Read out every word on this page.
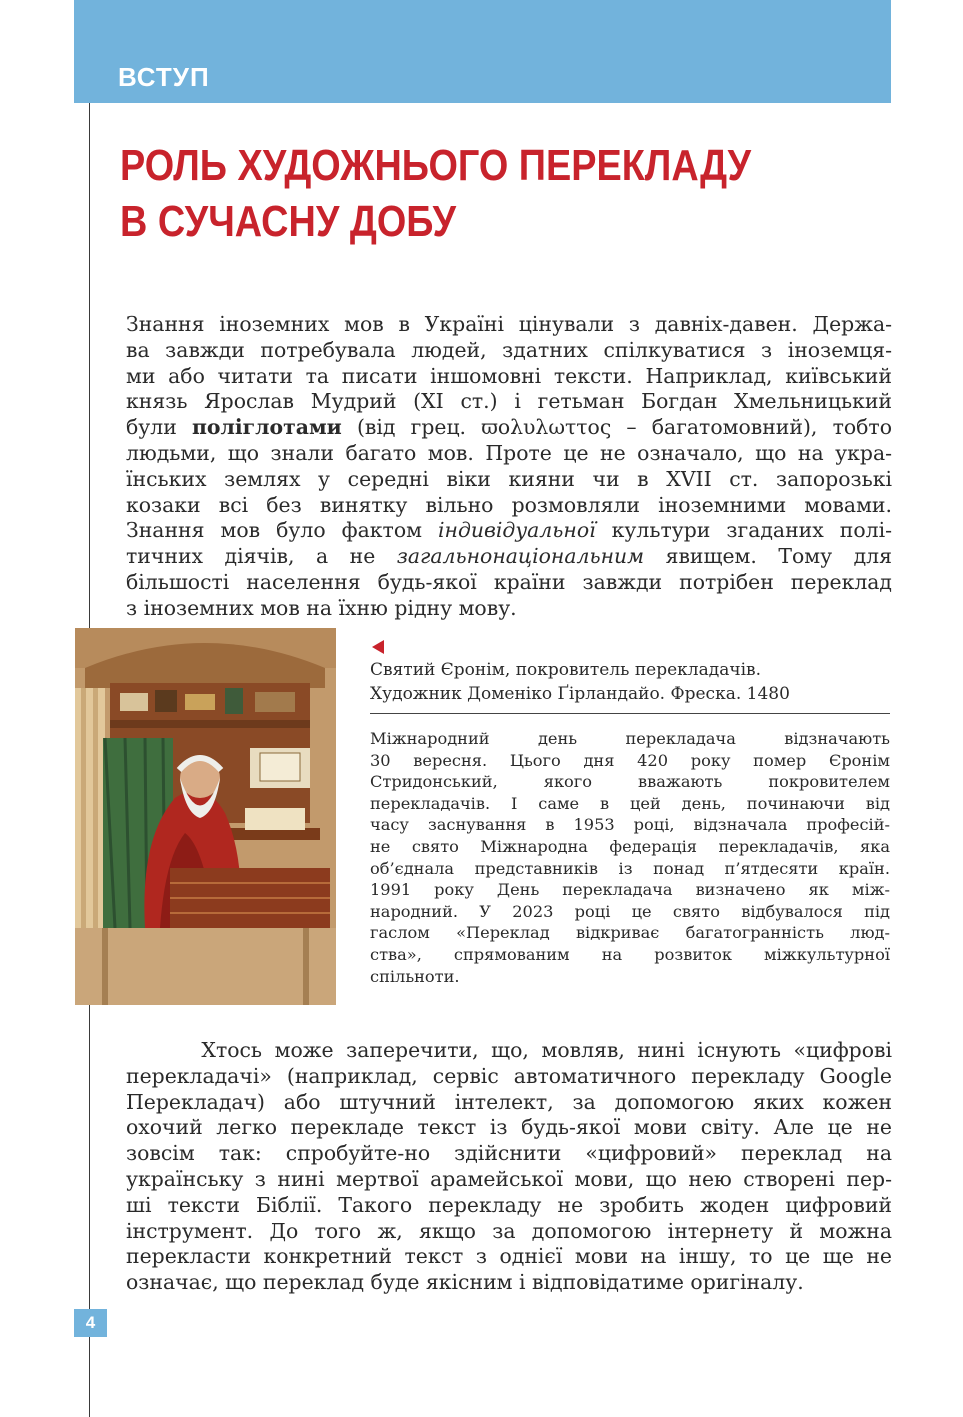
ВСТУП
РОЛЬ ХУДОЖНЬОГО ПЕРЕКЛАДУ
В СУЧАСНУ ДОБУ
Знання іноземних мов в Україні цінували з давніх-давен. Держа-
ва завжди потребувала людей, здатних спілкуватися з іноземця-
ми або читати та писати іншомовні тексти. Наприклад, київський
князь Ярослав Мудрий (XI ст.) і гетьман Богдан Хмельницький
були поліглотами (від грец. ϖολυλωττος – багатомовний), тобто
людьми, що знали багато мов. Проте це не означало, що на укра-
їнських землях у середні віки кияни чи в XVII ст. запорозькі
козаки всі без винятку вільно розмовляли іноземними мовами.
Знання мов було фактом індивідуальної культури згаданих полі-
тичних діячів, а не загальнонаціональним явищем. Тому для
більшості населення будь-якої країни завжди потрібен переклад
з іноземних мов на їхню рідну мову.
Святий Єронім, покровитель перекладачів.
Художник Доменіко Ґірландайо. Фреска. 1480
Міжнародний день перекладача відзначають
30 вересня. Цього дня 420 року помер Єронім
Стридонський, якого вважають покровителем
перекладачів. І саме в цей день, починаючи від
часу заснування в 1953 році, відзначала професій-
не свято Міжнародна федерація перекладачів, яка
об’єднала представників із понад п’ятдесяти країн.
1991 року День перекладача визначено як між-
народний. У 2023 році це свято відбувалося під
гаслом «Переклад відкриває багатогранність люд-
ства», спрямованим на розвиток міжкультурної
спільноти.
Хтось може заперечити, що, мовляв, нині існують «цифрові
перекладачі» (наприклад, сервіс автоматичного перекладу Google
Перекладач) або штучний інтелект, за допомогою яких кожен
охочий легко перекладе текст із будь-якої мови світу. Але це не
зовсім так: спробуйте-но здійснити «цифровий» переклад на
українську з нині мертвої арамейської мови, що нею створені пер-
ші тексти Біблії. Такого перекладу не зробить жоден цифровий
інструмент. До того ж, якщо за допомогою інтернету й можна
перекласти конкретний текст з однієї мови на іншу, то це ще не
означає, що переклад буде якісним і відповідатиме оригіналу.
4
